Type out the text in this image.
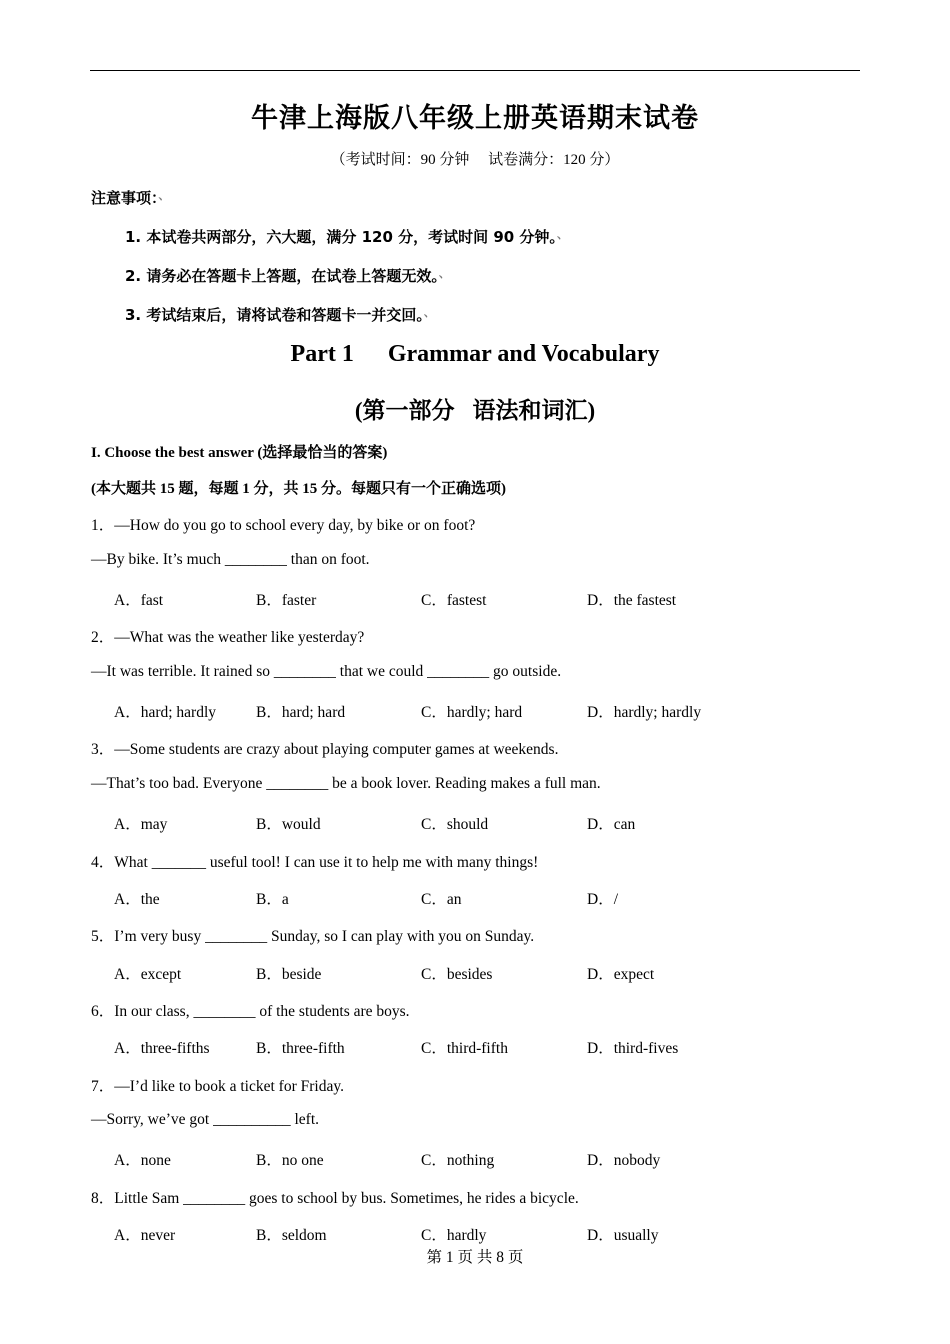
牛津上海版八年级上册英语期末试卷
（考试时间：90 分钟　 试卷满分：120 分）
注意事项：、
1. 本试卷共两部分，六大题，满分 120 分，考试时间 90 分钟。、
2. 请务必在答题卡上答题，在试卷上答题无效。、
3. 考试结束后，请将试卷和答题卡一并交回。、
Part 1 Grammar and Vocabulary
(第一部分 语法和词汇)
I. Choose the best answer (选择最恰当的答案)
(本大题共 15 题，每题 1 分，共 15 分。每题只有一个正确选项)
1．—How do you go to school every day, by bike or on foot?
—By bike. It’s much ________ than on foot.
A．fast	B．faster	C．fastest	D．the fastest
2．—What was the weather like yesterday?
—It was terrible. It rained so ________ that we could ________ go outside.
A．hard; hardly	B．hard; hard	C．hardly; hard	D．hardly; hardly
3．—Some students are crazy about playing computer games at weekends.
—That’s too bad. Everyone ________ be a book lover. Reading makes a full man.
A．may	B．would	C．should	D．can
4．What _______ useful tool! I can use it to help me with many things!
A．the	B．a	C．an	D．/
5．I’m very busy ________ Sunday, so I can play with you on Sunday.
A．except	B．beside	C．besides	D．expect
6．In our class, ________ of the students are boys.
A．three-fifths	B．three-fifth	C．third-fifth	D．third-fives
7．—I’d like to book a ticket for Friday.
—Sorry, we’ve got __________ left.
A．none	B．no one	C．nothing	D．nobody
8．Little Sam ________ goes to school by bus. Sometimes, he rides a bicycle.
A．never	B．seldom	C．hardly	D．usually
第 1 页 共 8 页
